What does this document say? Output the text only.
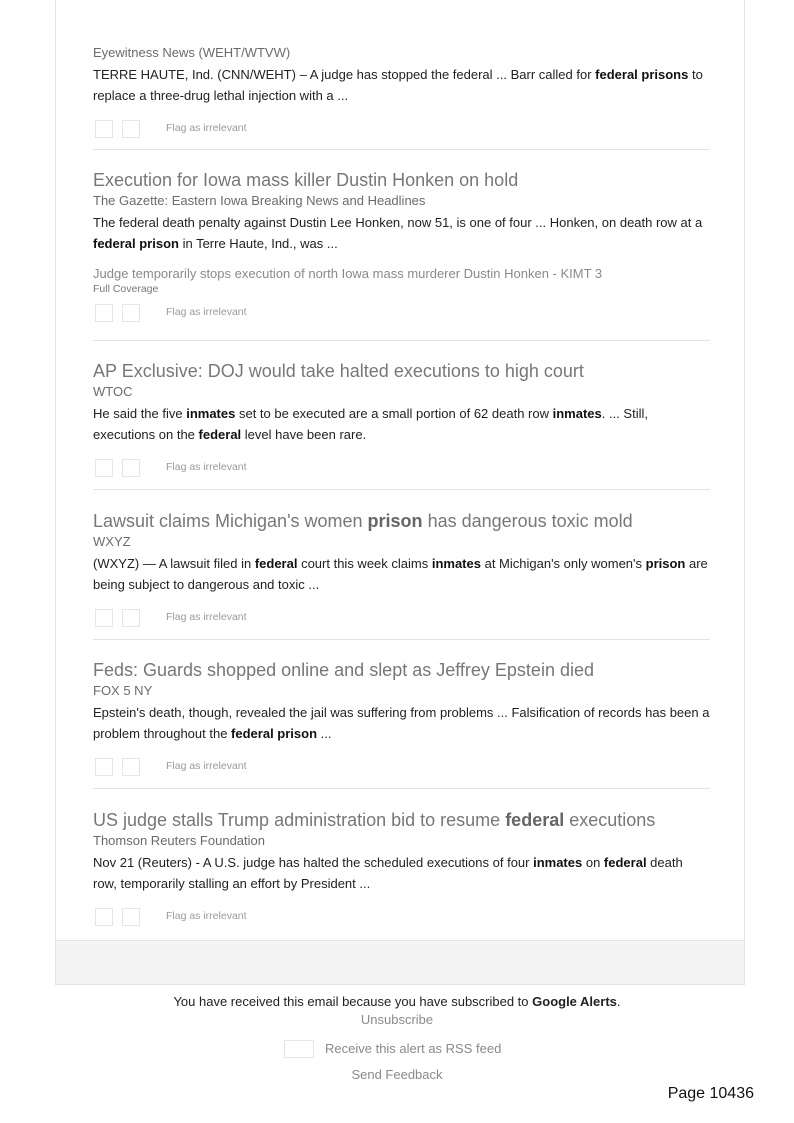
Eyewitness News (WEHT/WTVW)
TERRE HAUTE, Ind. (CNN/WEHT) – A judge has stopped the federal ... Barr called for federal prisons to replace a three-drug lethal injection with a ...
Flag as irrelevant
Execution for Iowa mass killer Dustin Honken on hold
The Gazette: Eastern Iowa Breaking News and Headlines
The federal death penalty against Dustin Lee Honken, now 51, is one of four ... Honken, on death row at a federal prison in Terre Haute, Ind., was ...
Judge temporarily stops execution of north Iowa mass murderer Dustin Honken - KIMT 3
Full Coverage
Flag as irrelevant
AP Exclusive: DOJ would take halted executions to high court
WTOC
He said the five inmates set to be executed are a small portion of 62 death row inmates. ... Still, executions on the federal level have been rare.
Flag as irrelevant
Lawsuit claims Michigan's women prison has dangerous toxic mold
WXYZ
(WXYZ) — A lawsuit filed in federal court this week claims inmates at Michigan's only women's prison are being subject to dangerous and toxic ...
Flag as irrelevant
Feds: Guards shopped online and slept as Jeffrey Epstein died
FOX 5 NY
Epstein's death, though, revealed the jail was suffering from problems ... Falsification of records has been a problem throughout the federal prison ...
Flag as irrelevant
US judge stalls Trump administration bid to resume federal executions
Thomson Reuters Foundation
Nov 21 (Reuters) - A U.S. judge has halted the scheduled executions of four inmates on federal death row, temporarily stalling an effort by President ...
Flag as irrelevant
You have received this email because you have subscribed to Google Alerts.
Unsubscribe
Receive this alert as RSS feed
Send Feedback
Page 10436
